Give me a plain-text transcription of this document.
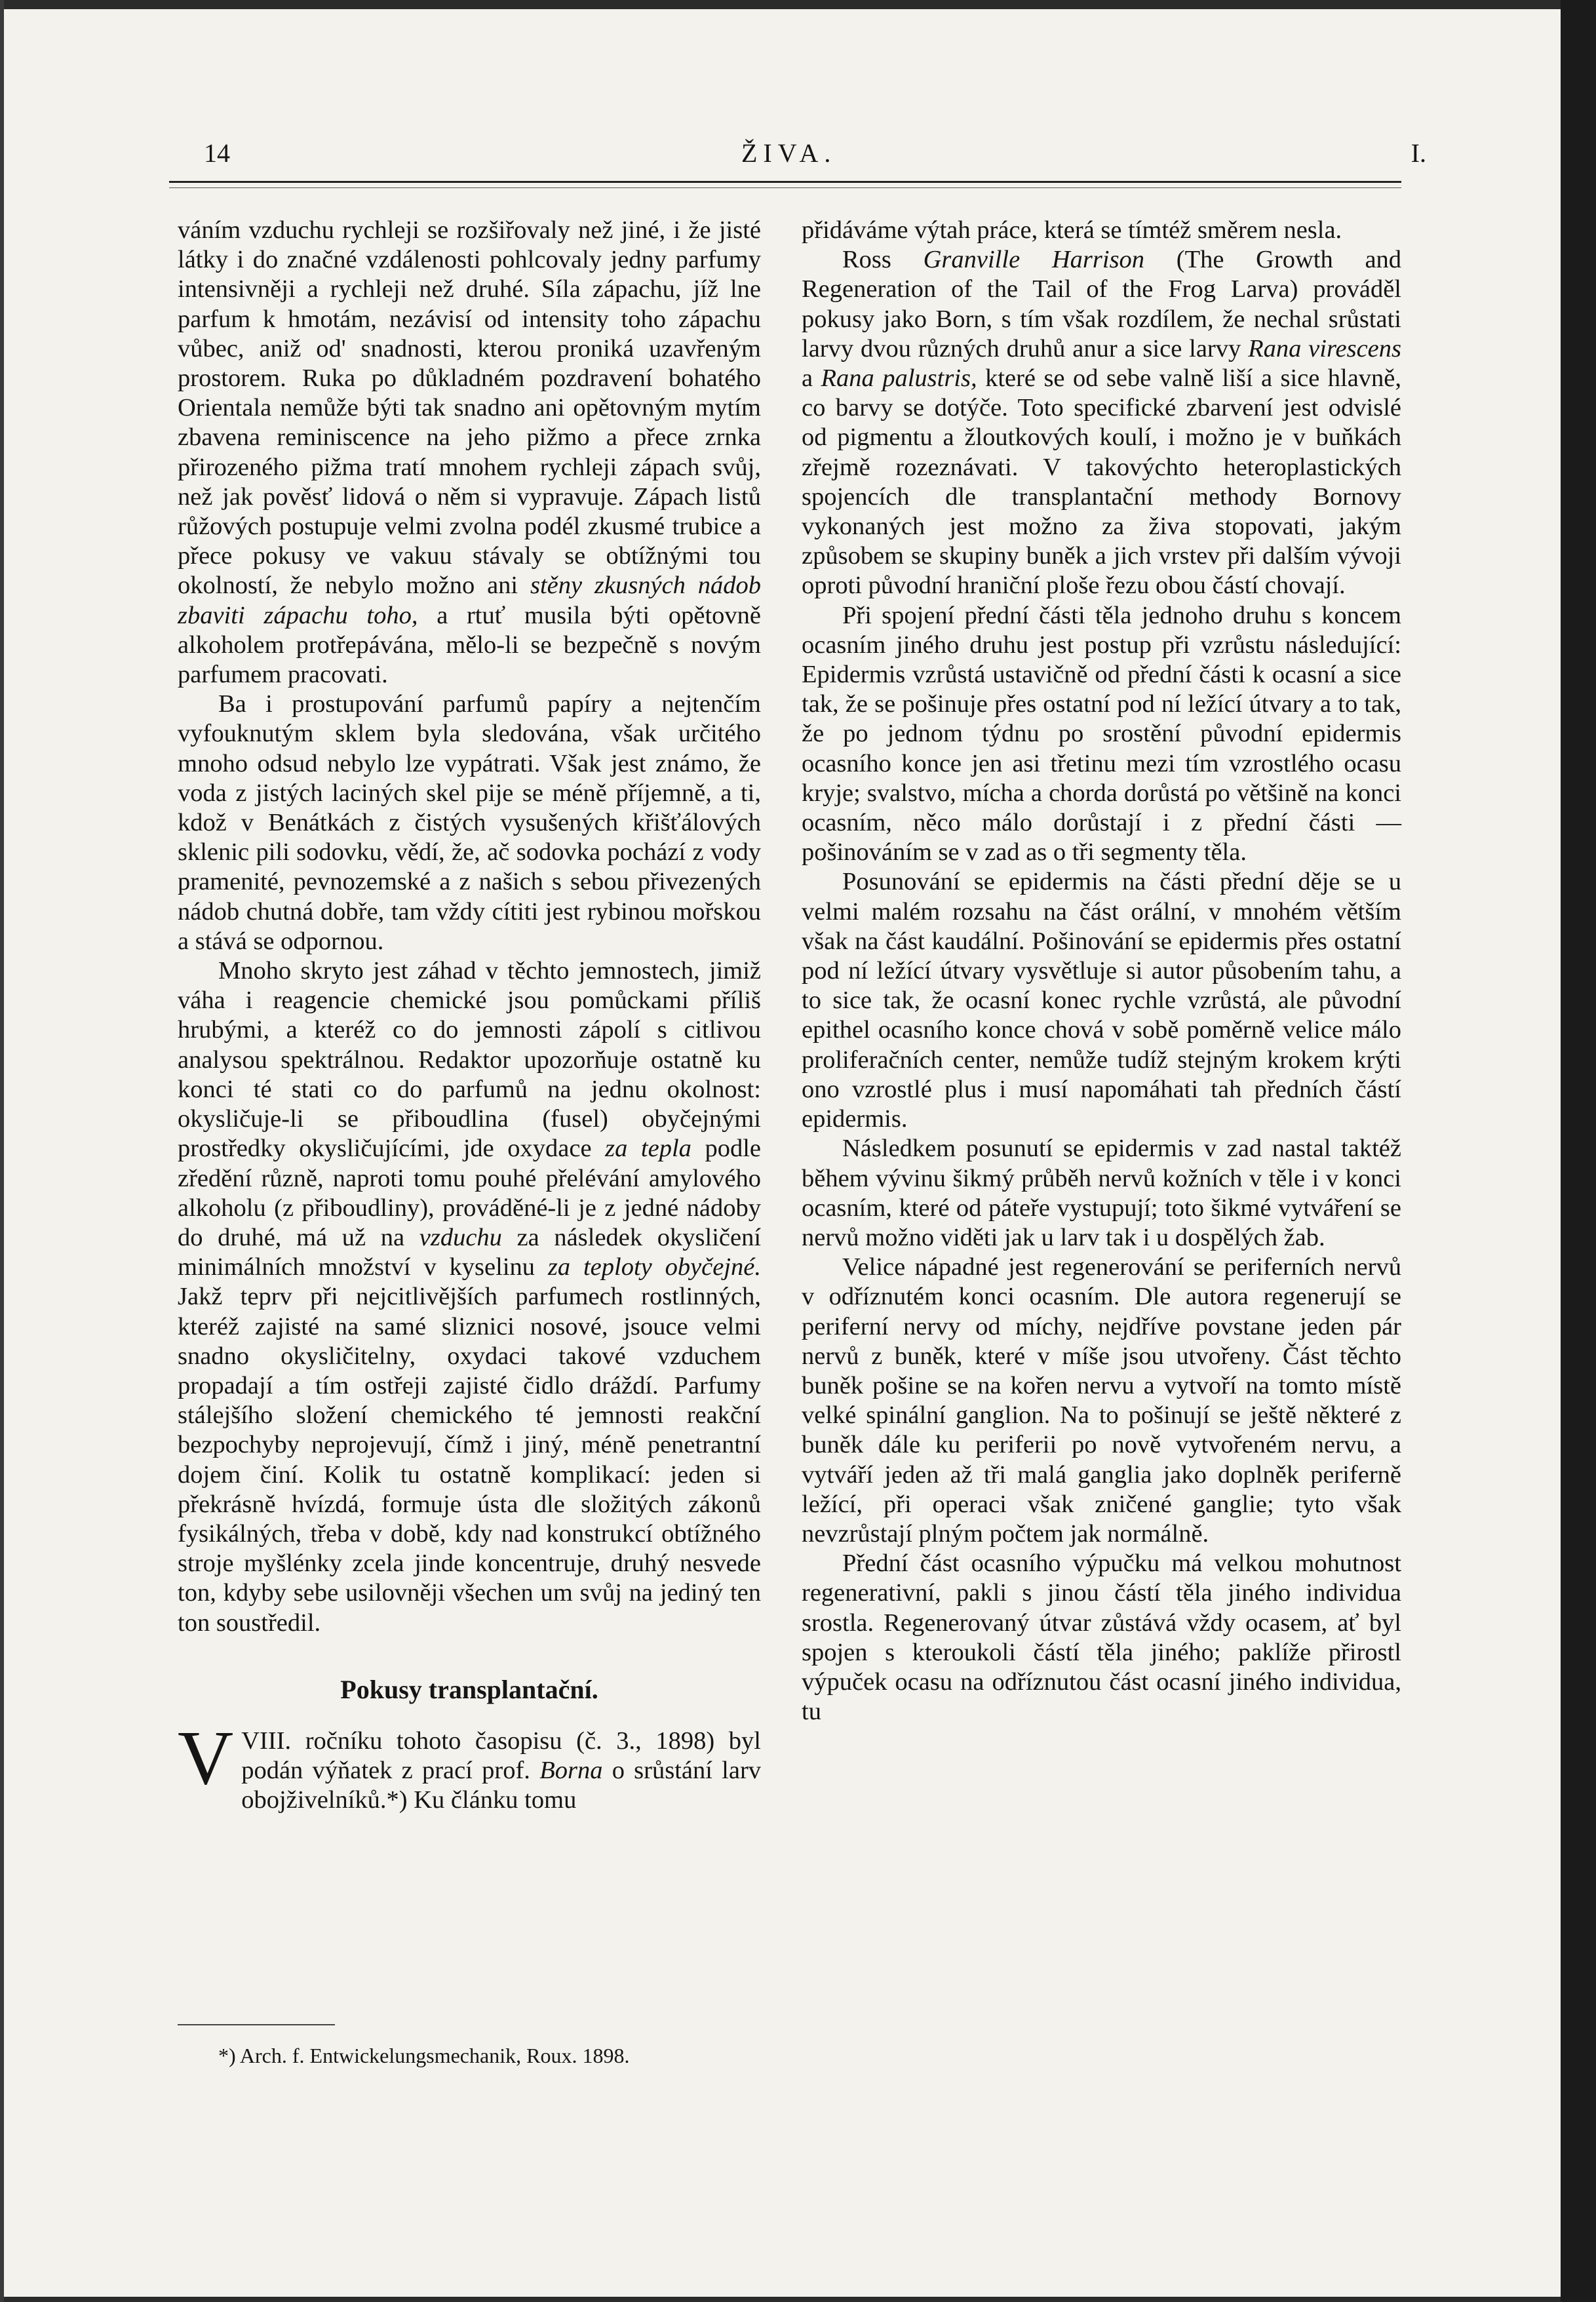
14	ŽIVA.	I.

váním vzduchu rychleji se rozšiřovaly než jiné, i že jisté látky i do značné vzdálenosti pohlcovaly jedny parfumy intensivněji a rychleji než druhé. Síla zápachu, jíž lne parfum k hmotám, nezávisí od intensity toho zápachu vůbec, aniž od' snadnosti, kterou proniká uzavřeným prostorem. Ruka po důkladném pozdravení bohatého Orientala nemůže býti tak snadno ani opětovným mytím zbavena reminiscence na jeho pižmo a přece zrnka přirozeného pižma tratí mnohem rychleji zápach svůj, než jak pověsť lidová o něm si vypravuje. Zápach listů růžových postupuje velmi zvolna podél zkusmé trubice a přece pokusy ve vakuu stávaly se obtížnými tou okolností, že nebylo možno ani stěny zkusných nádob zbaviti zápachu toho, a rtuť musila býti opětovně alkoholem protřepávána, mělo-li se bezpečně s novým parfumem pracovati.

Ba i prostupování parfumů papíry a nejtenčím vyfouknutým sklem byla sledována, však určitého mnoho odsud nebylo lze vypátrati. Však jest známo, že voda z jistých laciných skel pije se méně příjemně, a ti, kdož v Benátkách z čistých vysušených křišťálových sklenic pili sodovku, vědí, že, ač sodovka pochází z vody pramenité, pevnozemské a z našich s sebou přivezených nádob chutná dobře, tam vždy cítiti jest rybinou mořskou a stává se odpornou.

Mnoho skryto jest záhad v těchto jemnostech, jimiž váha i reagencie chemické jsou pomůckami příliš hrubými, a kteréž co do jemnosti zápolí s citlivou analysou spektrálnou. Redaktor upozorňuje ostatně ku konci té stati co do parfumů na jednu okolnost: okysličuje-li se přiboudlina (fusel) obyčejnými prostředky okysličujícími, jde oxydace za tepla podle zředění různě, naproti tomu pouhé přelévání amylového alkoholu (z přiboudliny), prováděné-li je z jedné nádoby do druhé, má už na vzduchu za následek okysličení minimálních množství v kyselinu za teploty obyčejné. Jakž teprv při nejcitlivějších parfumech rostlinných, kteréž zajisté na samé sliznici nosové, jsouce velmi snadno okysličitelny, oxydaci takové vzduchem propadají a tím ostřeji zajisté čidlo dráždí. Parfumy stálejšího složení chemického té jemnosti reakční bezpochyby neprojevují, čímž i jiný, méně penetrantní dojem činí. Kolik tu ostatně komplikací: jeden si překrásně hvízdá, formuje ústa dle složitých zákonů fysikálných, třeba v době, kdy nad konstrukcí obtížného stroje myšlénky zcela jinde koncentruje, druhý nesvede ton, kdyby sebe usilovněji všechen um svůj na jediný ten ton soustředil.

Pokusy transplantační.

VVIII. ročníku tohoto časopisu (č. 3., 1898) byl podán výňatek z prací prof. Borna o srůstání larv obojživelníků.*) Ku článku tomu

*) Arch. f. Entwickelungsmechanik, Roux. 1898.

přidáváme výtah práce, která se tímtéž směrem nesla.

Ross Granville Harrison (The Growth and Regeneration of the Tail of the Frog Larva) prováděl pokusy jako Born, s tím však rozdílem, že nechal srůstati larvy dvou různých druhů anur a sice larvy Rana virescens a Rana palustris, které se od sebe valně liší a sice hlavně, co barvy se dotýče. Toto specifické zbarvení jest odvislé od pigmentu a žloutkových koulí, i možno je v buňkách zřejmě rozeznávati. V takovýchto heteroplastických spojencích dle transplantační methody Bornovy vykonaných jest možno za živa stopovati, jakým způsobem se skupiny buněk a jich vrstev při dalším vývoji oproti původní hraniční ploše řezu obou částí chovají.

Při spojení přední části těla jednoho druhu s koncem ocasním jiného druhu jest postup při vzrůstu následující: Epidermis vzrůstá ustavičně od přední části k ocasní a sice tak, že se pošinuje přes ostatní pod ní ležící útvary a to tak, že po jednom týdnu po srostění původní epidermis ocasního konce jen asi třetinu mezi tím vzrostlého ocasu kryje; svalstvo, mícha a chorda dorůstá po většině na konci ocasním, něco málo dorůstají i z přední části — pošinováním se v zad as o tři segmenty těla.

Posunování se epidermis na části přední děje se u velmi malém rozsahu na část orální, v mnohém větším však na část kaudální. Pošinování se epidermis přes ostatní pod ní ležící útvary vysvětluje si autor působením tahu, a to sice tak, že ocasní konec rychle vzrůstá, ale původní epithel ocasního konce chová v sobě poměrně velice málo proliferačních center, nemůže tudíž stejným krokem krýti ono vzrostlé plus i musí napomáhati tah předních částí epidermis.

Následkem posunutí se epidermis v zad nastal taktéž během vývinu šikmý průběh nervů kožních v těle i v konci ocasním, které od páteře vystupují; toto šikmé vytváření se nervů možno viděti jak u larv tak i u dospělých žab.

Velice nápadné jest regenerování se periferních nervů v odříznutém konci ocasním. Dle autora regenerují se periferní nervy od míchy, nejdříve povstane jeden pár nervů z buněk, které v míše jsou utvořeny. Část těchto buněk pošine se na kořen nervu a vytvoří na tomto místě velké spinální ganglion. Na to pošinují se ještě některé z buněk dále ku periferii po nově vytvořeném nervu, a vytváří jeden až tři malá ganglia jako doplněk periferně ležící, při operaci však zničené ganglie; tyto však nevzrůstají plným počtem jak normálně.

Přední část ocasního výpučku má velkou mohutnost regenerativní, pakli s jinou částí těla jiného individua srostla. Regenerovaný útvar zůstává vždy ocasem, ať byl spojen s kteroukoli částí těla jiného; paklíže přirostl výpuček ocasu na odříznutou část ocasní jiného individua, tu
